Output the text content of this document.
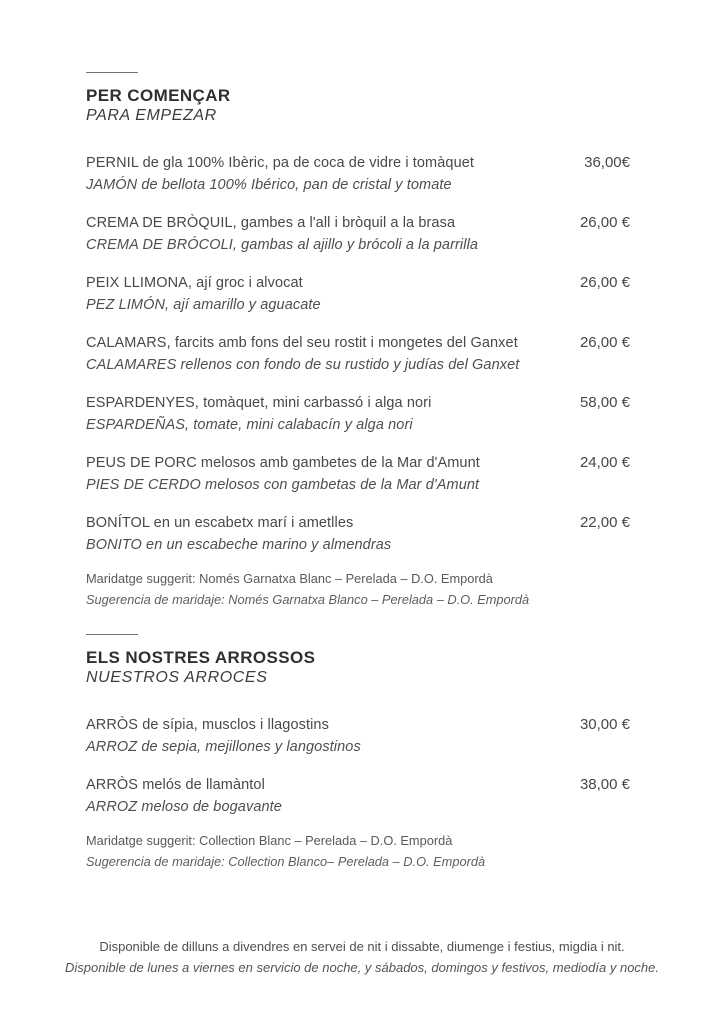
PER COMENÇAR
PARA EMPEZAR
PERNIL de gla 100% Ibèric, pa de coca de vidre i tomàquet
JAMÓN de bellota 100% Ibérico, pan de cristal y tomate
36,00€
CREMA DE BRÒQUIL, gambes a l'all i bròquil a la brasa
CREMA DE BRÓCOLI, gambas al ajillo y brócoli a la parrilla
26,00 €
PEIX LLIMONA, ají groc i alvocat
PEZ LIMÓN, ají amarillo y aguacate
26,00 €
CALAMARS, farcits amb fons del seu rostit i mongetes del Ganxet
CALAMARES rellenos con fondo de su rustido y judías del Ganxet
26,00 €
ESPARDENYES, tomàquet, mini carbassó i alga nori
ESPARDEÑAS, tomate, mini calabacín y alga nori
58,00 €
PEUS DE PORC melosos amb gambetes de la Mar d'Amunt
PIES DE CERDO melosos con gambetas de la Mar d'Amunt
24,00 €
BONÍTOL en un escabetx marí i ametlles
BONITO en un escabeche marino y almendras
22,00 €
Maridatge suggerit: Només Garnatxa Blanc – Perelada – D.O. Empordà
Sugerencia de maridaje: Només Garnatxa Blanco – Perelada – D.O. Empordà
ELS NOSTRES ARROSSOS
NUESTROS ARROCES
ARRÒS de sípia, musclos i llagostins
ARROZ de sepia, mejillones y langostinos
30,00 €
ARRÒS melós de llamàntol
ARROZ meloso de bogavante
38,00 €
Maridatge suggerit: Collection Blanc – Perelada – D.O. Empordà
Sugerencia de maridaje: Collection Blanco– Perelada – D.O. Empordà
Disponible de dilluns a divendres en servei de nit i dissabte, diumenge i festius, migdia i nit.
Disponible de lunes a viernes en servicio de noche, y sábados, domingos y festivos, mediodía y noche.
